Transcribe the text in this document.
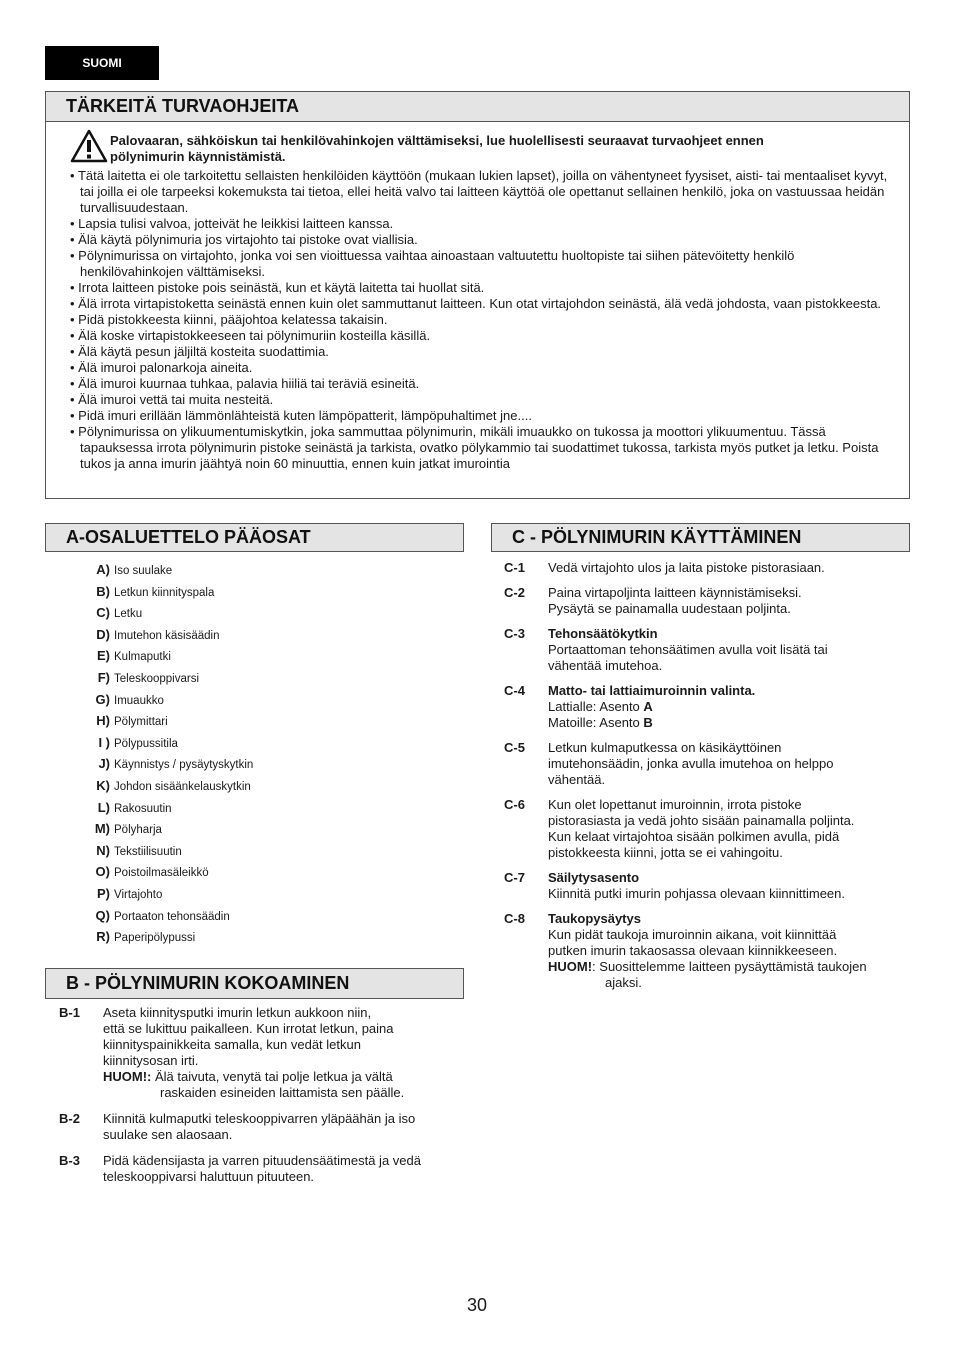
SUOMI
TÄRKEITÄ TURVAOHJEITA
Palovaaran, sähköiskun tai henkilövahinkojen välttämiseksi, lue huolellisesti seuraavat turvaohjeet ennen
pölynimurin käynnistämistä.
• Tätä laitetta ei ole tarkoitettu sellaisten henkilöiden käyttöön (mukaan lukien lapset), joilla on vähentyneet fyysiset, aisti- tai mentaaliset kyvyt, tai joilla ei ole tarpeeksi kokemuksta tai tietoa, ellei heitä valvo tai laitteen käyttöä ole opettanut sellainen henkilö, joka on vastuussaa heidän turvallisuudestaan.
• Lapsia tulisi valvoa, jotteivät he leikkisi laitteen kanssa.
• Älä käytä pölynimuria jos virtajohto tai pistoke ovat viallisia.
• Pölynimurissa on virtajohto, jonka voi sen vioittuessa vaihtaa ainoastaan valtuutettu huoltopiste tai siihen pätevöitetty henkilö henkilövahinkojen välttämiseksi.
• Irrota laitteen pistoke pois seinästä, kun et käytä laitetta tai huollat sitä.
• Älä irrota virtapistoketta seinästä ennen kuin olet sammuttanut laitteen. Kun otat virtajohdon seinästä, älä vedä johdosta, vaan pistokkeesta.
• Pidä pistokkeesta kiinni, pääjohtoa kelatessa takaisin.
• Älä koske virtapistokkeeseen tai pölynimuriin kosteilla käsillä.
• Älä käytä pesun jäljiltä kosteita suodattimia.
• Älä imuroi palonarkoja aineita.
• Älä imuroi kuurnaa tuhkaa, palavia hiiliä tai teräviä esineitä.
• Älä imuroi vettä tai muita nesteitä.
• Pidä imuri erillään lämmönlähteistä kuten lämpöpatterit, lämpöpuhaltimet jne....
• Pölynimurissa on ylikuumentumiskytkin, joka sammuttaa pölynimurin, mikäli imuaukko on tukossa ja moottori ylikuumentuu. Tässä tapauksessa irrota pölynimurin pistoke seinästä ja tarkista, ovatko pölykammio tai suodattimet tukossa, tarkista myös putket ja letku. Poista tukos ja anna imurin jäähtyä noin 60 minuuttia, ennen kuin jatkat imurointia
A-OSALUETTELO PÄÄOSAT
A) Iso suulake
B) Letkun kiinnityspala
C) Letku
D) Imutehon käsisäädin
E) Kulmaputki
F) Teleskooppivarsi
G) Imuaukko
H) Pölymittari
I ) Pölypussitila
J) Käynnistys / pysäytyskytkin
K) Johdon sisäänkelauskytkin
L) Rakosuutin
M) Pölyharja
N) Tekstiilisuutin
O) Poistoilmasäleikkö
P) Virtajohto
Q) Portaaton tehonsäädin
R) Paperipölypussi
B - PÖLYNIMURIN KOKOAMINEN
B-1	Aseta kiinnitysputki imurin letkun aukkoon niin,
että se lukittuu paikalleen. Kun irrotat letkun, paina
kiinnityspainikkeita samalla, kun vedät letkun
kiinnitysosan irti.
HUOM!: Älä taivuta, venytä tai polje letkua ja vältä
raskaiden esineiden laittamista sen päälle.
B-2	Kiinnitä kulmaputki teleskooppivarren yläpäähän ja iso
suulake sen alaosaan.
B-3	Pidä kädensijasta ja varren pituudensäätimestä ja vedä
teleskooppivarsi haluttuun pituuteen.
C - PÖLYNIMURIN KÄYTTÄMINEN
C-1	Vedä virtajohto ulos ja laita pistoke pistorasiaan.
C-2	Paina virtapoljinta laitteen käynnistämiseksi.
Pysäytä se painamalla uudestaan poljinta.
C-3	Tehonsäätökytkin
Portaattoman tehonsäätimen avulla voit lisätä tai
vähentää imutehoa.
C-4	Matto- tai lattiaimuroinnin valinta.
Lattialle: Asento A
Matoille: Asento B
C-5	Letkun kulmaputkessa on käsikäyttöinen
imutehonsäädin, jonka avulla imutehoa on helppo
vähentää.
C-6	Kun olet lopettanut imuroinnin, irrota pistoke
pistorasiasta ja vedä johto sisään painamalla poljinta.
Kun kelaat virtajohtoa sisään polkimen avulla, pidä
pistokkeesta kiinni, jotta se ei vahingoitu.
C-7	Säilytysasento
Kiinnitä putki imurin pohjassa olevaan kiinnittimeen.
C-8	Taukopysäytys
Kun pidät taukoja imuroinnin aikana, voit kiinnittää
putken imurin takaosassa olevaan kiinnikkeeseen.
HUOM!: Suosittelemme laitteen pysäyttämistä taukojen
ajaksi.
30
